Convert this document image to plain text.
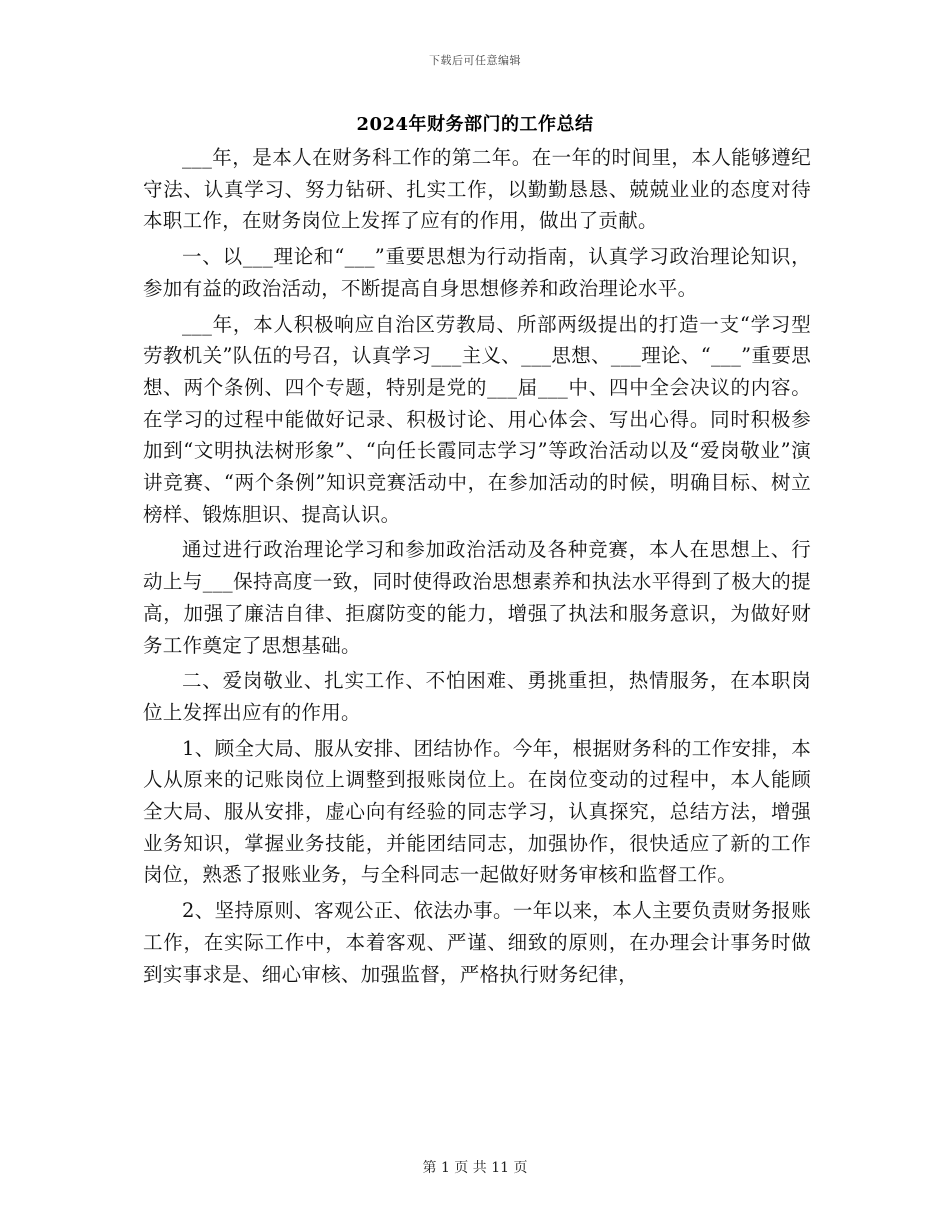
下载后可任意编辑
2024年财务部门的工作总结

___年，是本人在财务科工作的第二年。在一年的时间里，本人能够遵纪守法、认真学习、努力钻研、扎实工作，以勤勤恳恳、兢兢业业的态度对待本职工作，在财务岗位上发挥了应有的作用，做出了贡献。

一、以___理论和“___”重要思想为行动指南，认真学习政治理论知识，参加有益的政治活动，不断提高自身思想修养和政治理论水平。

___年，本人积极响应自治区劳教局、所部两级提出的打造一支“学习型劳教机关”队伍的号召，认真学习___主义、___思想、___理论、“___”重要思想、两个条例、四个专题，特别是党的___届___中、四中全会决议的内容。在学习的过程中能做好记录、积极讨论、用心体会、写出心得。同时积极参加到“文明执法树形象”、“向任长霞同志学习”等政治活动以及“爱岗敬业”演讲竞赛、“两个条例”知识竞赛活动中，在参加活动的时候，明确目标、树立榜样、锻炼胆识、提高认识。

通过进行政治理论学习和参加政治活动及各种竞赛，本人在思想上、行动上与___保持高度一致，同时使得政治思想素养和执法水平得到了极大的提高，加强了廉洁自律、拒腐防变的能力，增强了执法和服务意识，为做好财务工作奠定了思想基础。

二、爱岗敬业、扎实工作、不怕困难、勇挑重担，热情服务，在本职岗位上发挥出应有的作用。

1、顾全大局、服从安排、团结协作。今年，根据财务科的工作安排，本人从原来的记账岗位上调整到报账岗位上。在岗位变动的过程中，本人能顾全大局、服从安排，虚心向有经验的同志学习，认真探究，总结方法，增强业务知识，掌握业务技能，并能团结同志，加强协作，很快适应了新的工作岗位，熟悉了报账业务，与全科同志一起做好财务审核和监督工作。

2、坚持原则、客观公正、依法办事。一年以来，本人主要负责财务报账工作，在实际工作中，本着客观、严谨、细致的原则，在办理会计事务时做到实事求是、细心审核、加强监督，严格执行财务纪律，

第 1 页 共 11 页
